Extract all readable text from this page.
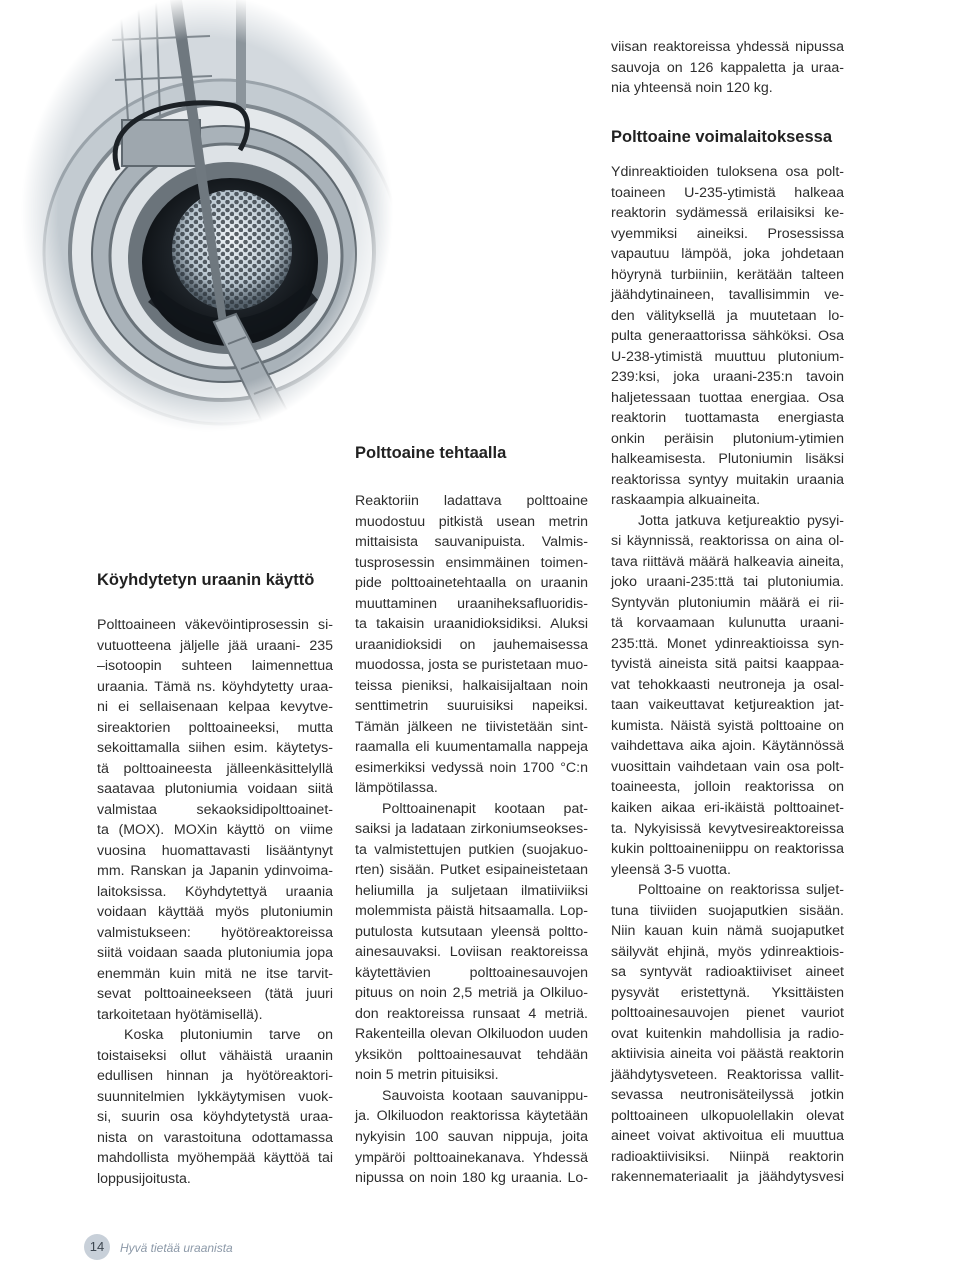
viisan reaktoreissa yhdessä nipussa
sauvoja on 126 kappaletta ja uraa-
nia yhteensä noin 120 kg.
Polttoaine voimalaitoksessa
Ydinreaktioiden tuloksena osa polt-
toaineen U-235-ytimistä halkeaa
reaktorin sydämessä erilaisiksi ke-
vyemmiksi aineiksi. Prosessissa
vapautuu lämpöä, joka johdetaan
höyrynä turbiiniin, kerätään talteen
jäähdytinaineen, tavallisimmin ve-
den välityksellä ja muutetaan lo-
pulta generaattorissa sähköksi. Osa
U-238-ytimistä muuttuu plutonium-
239:ksi, joka uraani-235:n tavoin
haljetessaan tuottaa energiaa. Osa
reaktorin tuottamasta energiasta
onkin peräisin plutonium-ytimien
halkeamisesta. Plutoniumin lisäksi
reaktorissa syntyy muitakin uraania
raskaampia alkuaineita.
Jotta jatkuva ketjureaktio pysyi-
si käynnissä, reaktorissa on aina ol-
tava riittävä määrä halkeavia aineita,
joko uraani-235:ttä tai plutoniumia.
Syntyvän plutoniumin määrä ei rii-
tä korvaamaan kulunutta uraani-
235:ttä. Monet ydinreaktioissa syn-
tyvistä aineista sitä paitsi kaappaa-
vat tehokkaasti neutroneja ja osal-
taan vaikeuttavat ketjureaktion jat-
kumista. Näistä syistä polttoaine on
vaihdettava aika ajoin. Käytännössä
vuosittain vaihdetaan vain osa polt-
toaineesta, jolloin reaktorissa on
kaiken aikaa eri-ikäistä polttoainet-
ta. Nykyisissä kevytvesireaktoreissa
kukin polttoaineniippu on reaktorissa
yleensä 3-5 vuotta.
Polttoaine on reaktorissa suljet-
tuna tiiviiden suojaputkien sisään.
Niin kauan kuin nämä suojaputket
säilyvät ehjinä, myös ydinreaktiois-
sa syntyvät radioaktiiviset aineet
pysyvät eristettynä. Yksittäisten
polttoainesauvojen pienet vauriot
ovat kuitenkin mahdollisia ja radio-
aktiivisia aineita voi päästä reaktorin
jäähdytysveteen. Reaktorissa vallit-
sevassa neutronisäteilyssä jotkin
polttoaineen ulkopuolellakin olevat
aineet voivat aktivoitua eli muuttua
radioaktiivisiksi. Niinpä reaktorin
rakennemateriaalit ja jäähdytysvesi
Polttoaine tehtaalla
Reaktoriin ladattava polttoaine
muodostuu pitkistä usean metrin
mittaisista sauvanipuista. Valmis-
tusprosessin ensimmäinen toimen-
pide polttoainetehtaalla on uraanin
muuttaminen uraaniheksafluoridis-
ta takaisin uraanidioksidiksi. Aluksi
uraanidioksidi on jauhemaisessa
muodossa, josta se puristetaan muo-
teissa pieniksi, halkaisijaltaan noin
senttimetrin suuruisiksi napeiksi.
Tämän jälkeen ne tiivistetään sint-
raamalla eli kuumentamalla nappeja
esimerkiksi vedyssä noin 1700 °C:n
lämpötilassa.
Polttoainenapit kootaan pat-
saiksi ja ladataan zirkoniumseokses-
ta valmistettujen putkien (suojakuo-
rten) sisään. Putket esipaineistetaan
heliumilla ja suljetaan ilmatiiviiksi
molemmista päistä hitsaamalla. Lop-
putulosta kutsutaan yleensä poltto-
ainesauvaksi. Loviisan reaktoreissa
käytettävien polttoainesauvojen
pituus on noin 2,5 metriä ja Olkiluo-
don reaktoreissa runsaat 4 metriä.
Rakenteilla olevan Olkiluodon uuden
yksikön polttoainesauvat tehdään
noin 5 metrin pituisiksi.
Sauvoista kootaan sauvanippu-
ja. Olkiluodon reaktorissa käytetään
nykyisin 100 sauvan nippuja, joita
ympäröi polttoainekanava. Yhdessä
nipussa on noin 180 kg uraania. Lo-
Köyhdytetyn uraanin käyttö
Polttoaineen väkevöintiprosessin si-
vutuotteena jäljelle jää uraani- 235
–isotoopin suhteen laimennettua
uraania. Tämä ns. köyhdytetty uraa-
ni ei sellaisenaan kelpaa kevytve-
sireaktorien polttoaineeksi, mutta
sekoittamalla siihen esim. käytetys-
tä polttoaineesta jälleenkäsittelyllä
saatavaa plutoniumia voidaan siitä
valmistaa sekaoksidipolttoainet-
ta (MOX). MOXin käyttö on viime
vuosina huomattavasti lisääntynyt
mm. Ranskan ja Japanin ydinvoima-
laitoksissa. Köyhdytettyä uraania
voidaan käyttää myös plutoniumin
valmistukseen: hyötöreaktoreissa
siitä voidaan saada plutoniumia jopa
enemmän kuin mitä ne itse tarvit-
sevat polttoaineekseen (tätä juuri
tarkoitetaan hyötämisellä).
Koska plutoniumin tarve on
toistaiseksi ollut vähäistä uraanin
edullisen hinnan ja hyötöreaktori-
suunnitelmien lykkäytymisen vuok-
si, suurin osa köyhdytetystä uraa-
nista on varastoituna odottamassa
mahdollista myöhempää käyttöä tai
loppusijoitusta.
14	Hyvä tietää uraanista
